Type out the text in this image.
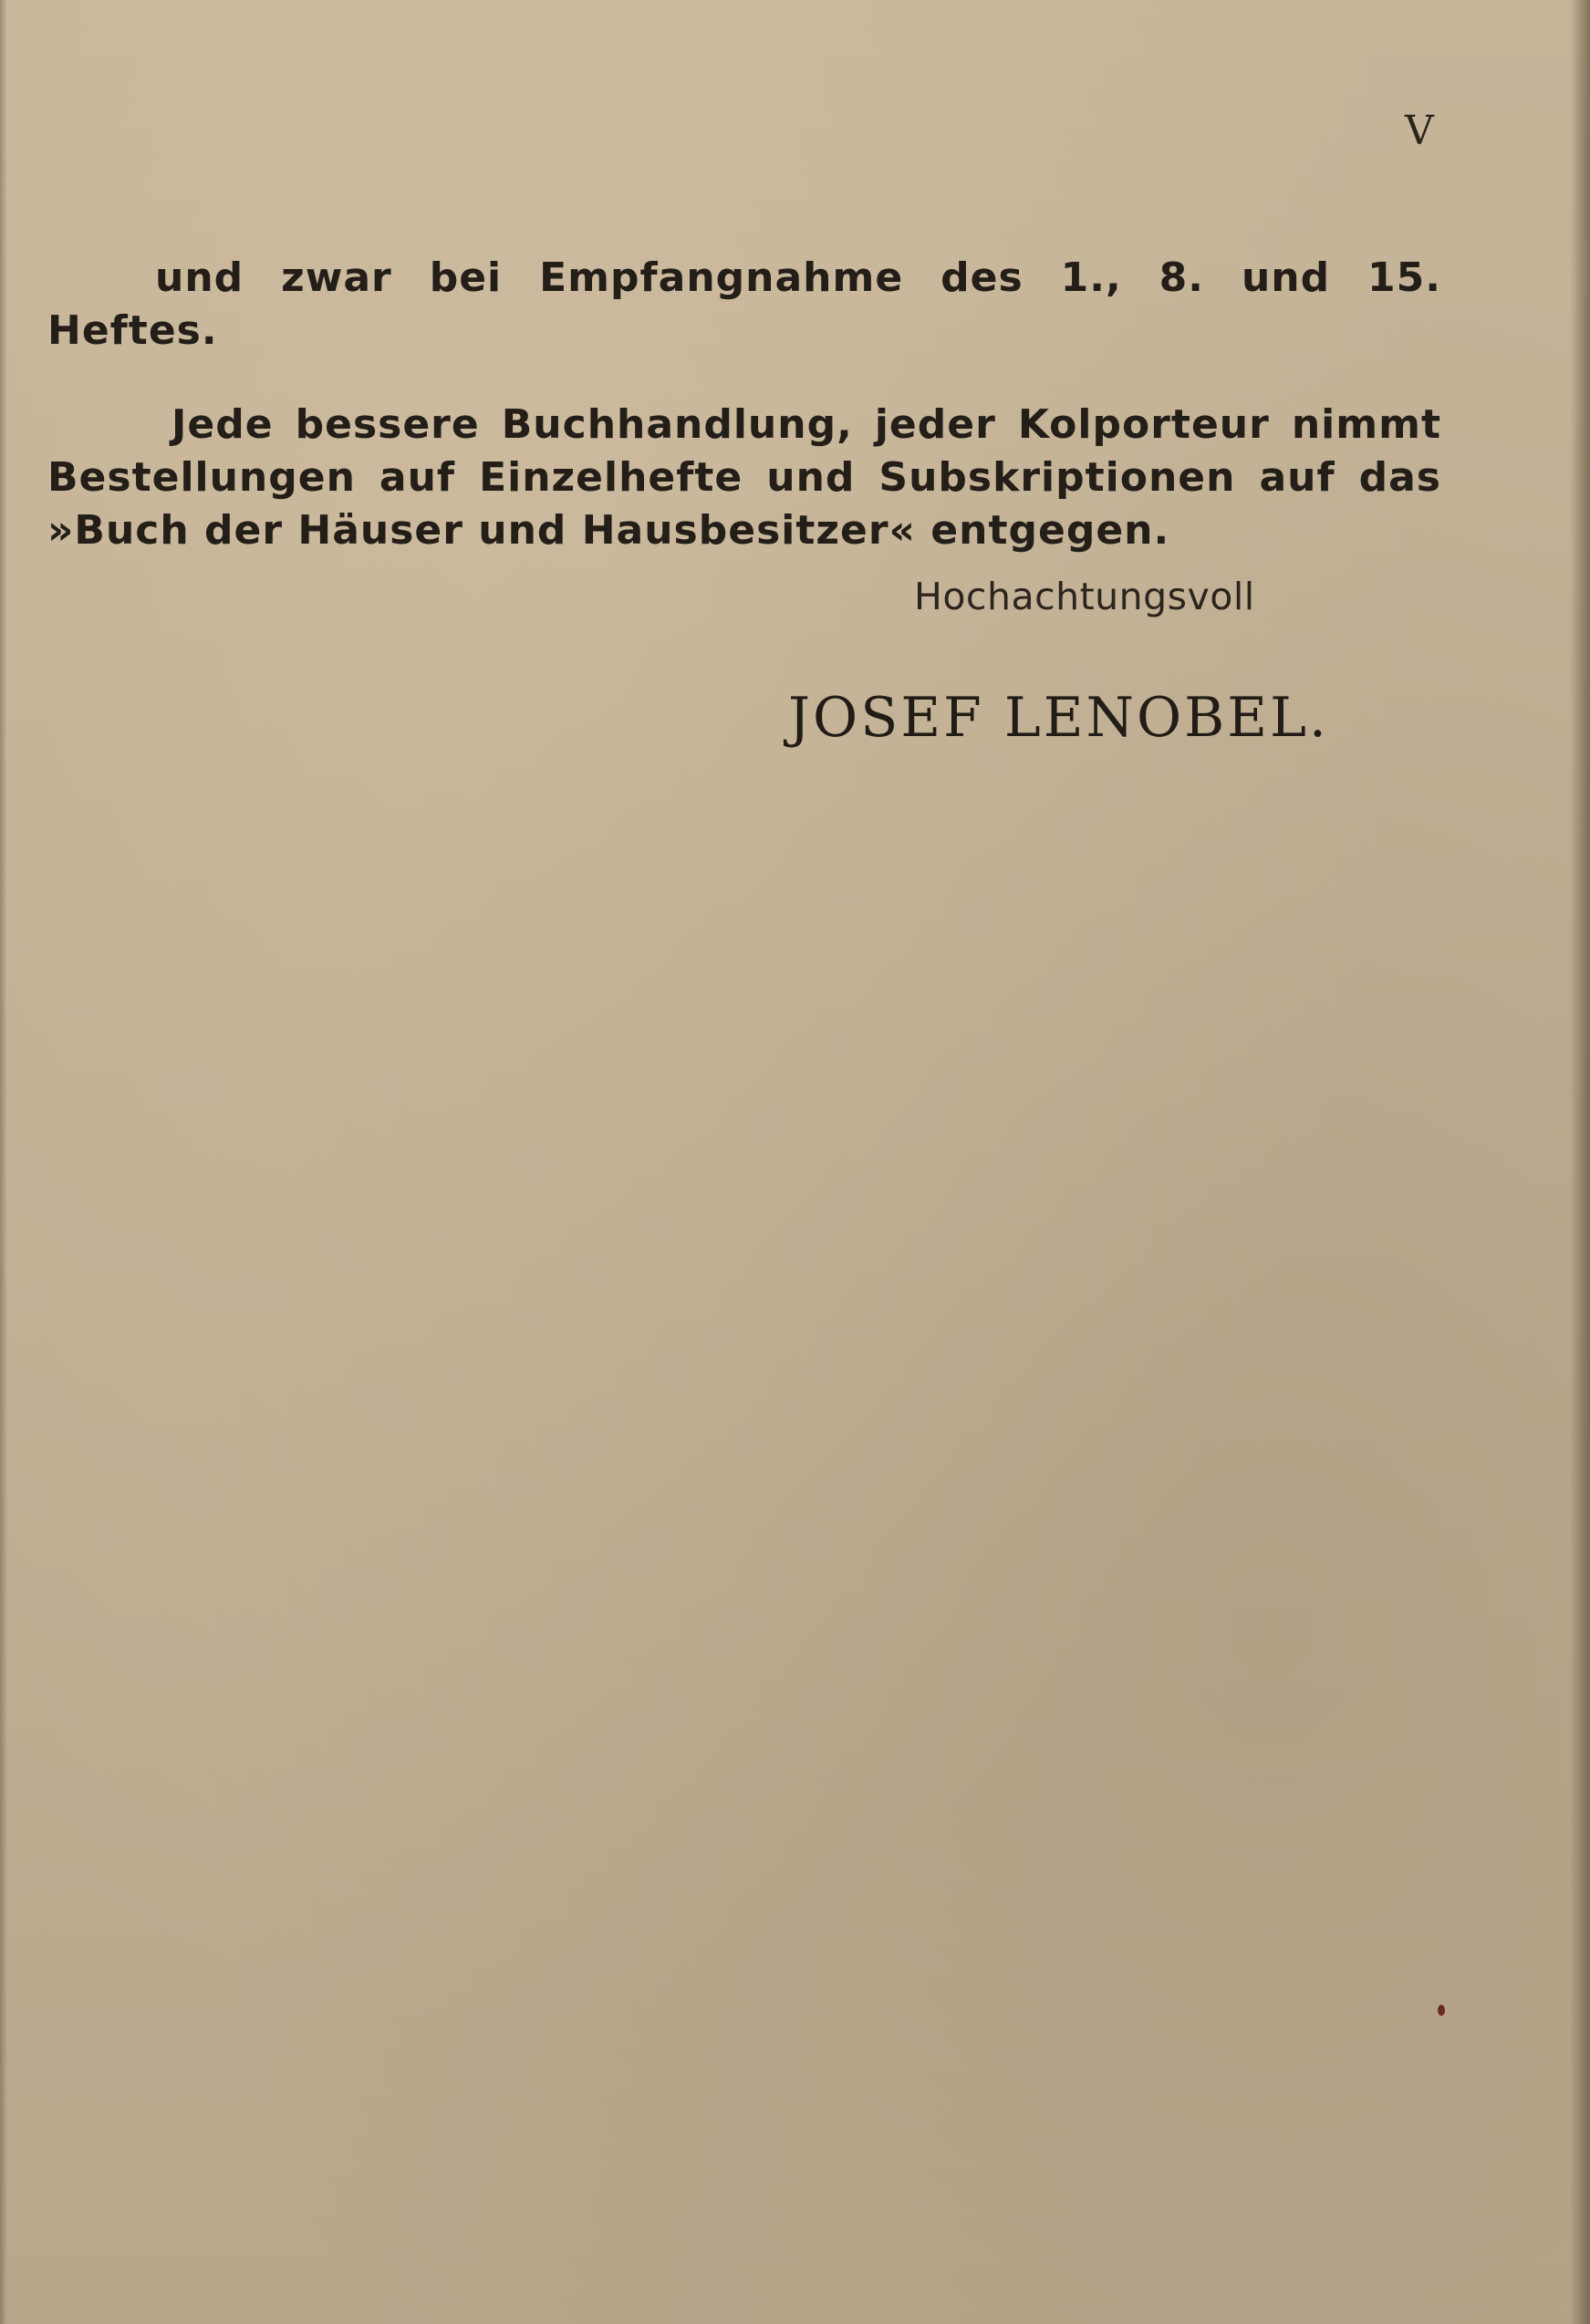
V

und zwar bei Empfangnahme des 1., 8. und 15. Heftes.

Jede bessere Buchhandlung, jeder Kolporteur nimmt Bestellungen auf Einzelhefte und Subskriptionen auf das »Buch der Häuser und Hausbesitzer« entgegen.

Hochachtungsvoll
JOSEF LENOBEL.
